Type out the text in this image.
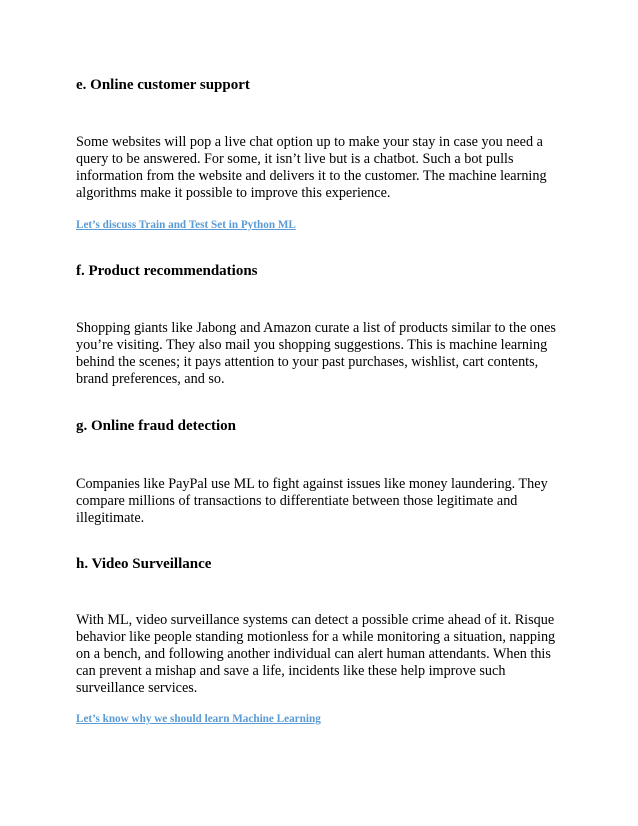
e. Online customer support

Some websites will pop a live chat option up to make your stay in case you need a
query to be answered. For some, it isn’t live but is a chatbot. Such a bot pulls
information from the website and delivers it to the customer. The machine learning
algorithms make it possible to improve this experience.

Let’s discuss Train and Test Set in Python ML
f. Product recommendations

Shopping giants like Jabong and Amazon curate a list of products similar to the ones
you’re visiting. They also mail you shopping suggestions. This is machine learning
behind the scenes; it pays attention to your past purchases, wishlist, cart contents,
brand preferences, and so.

g. Online fraud detection

Companies like PayPal use ML to fight against issues like money laundering. They
compare millions of transactions to differentiate between those legitimate and
illegitimate.

h. Video Surveillance

With ML, video surveillance systems can detect a possible crime ahead of it. Risque
behavior like people standing motionless for a while monitoring a situation, napping
on a bench, and following another individual can alert human attendants. When this
can prevent a mishap and save a life, incidents like these help improve such
surveillance services.

Let’s know why we should learn Machine Learning
